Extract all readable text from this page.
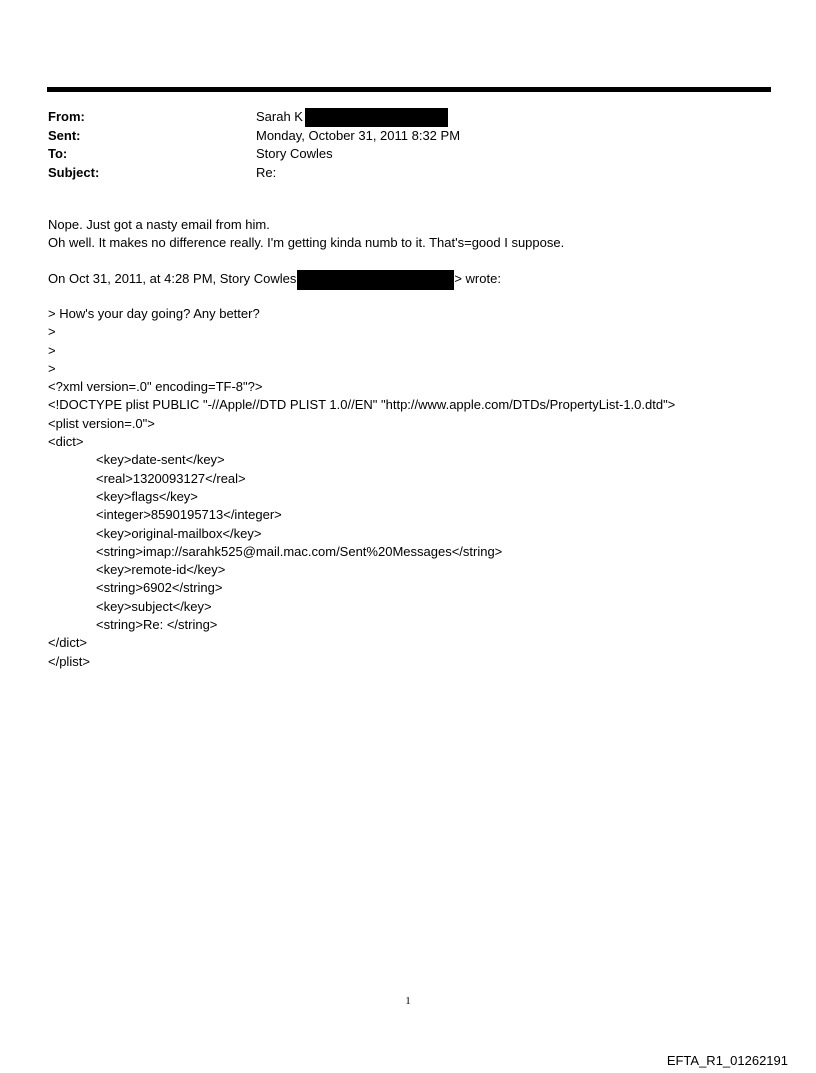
From:	Sarah K
Sent:	Monday, October 31, 2011 8:32 PM
To:	Story Cowles
Subject:	Re:
Nope. Just got a nasty email from him.
Oh well. It makes no difference really. I'm getting kinda numb to it. That's=good I suppose.
On Oct 31, 2011, at 4:28 PM, Story Cowles	> wrote:
> How's your day going? Any better?
>
>
>
<?xml version=.0" encoding=TF-8"?>
<!DOCTYPE plist PUBLIC "-//Apple//DTD PLIST 1.0//EN" "http://www.apple.com/DTDs/PropertyList-1.0.dtd">
<plist version=.0">
<dict>
<key>date-sent</key>
<real>1320093127</real>
<key>flags</key>
<integer>8590195713</integer>
<key>original-mailbox</key>
<string>imap://sarahk525@mail.mac.com/Sent%20Messages</string>
<key>remote-id</key>
<string>6902</string>
<key>subject</key>
<string>Re: </string>
</dict>
</plist>
1
EFTA_R1_01262191
